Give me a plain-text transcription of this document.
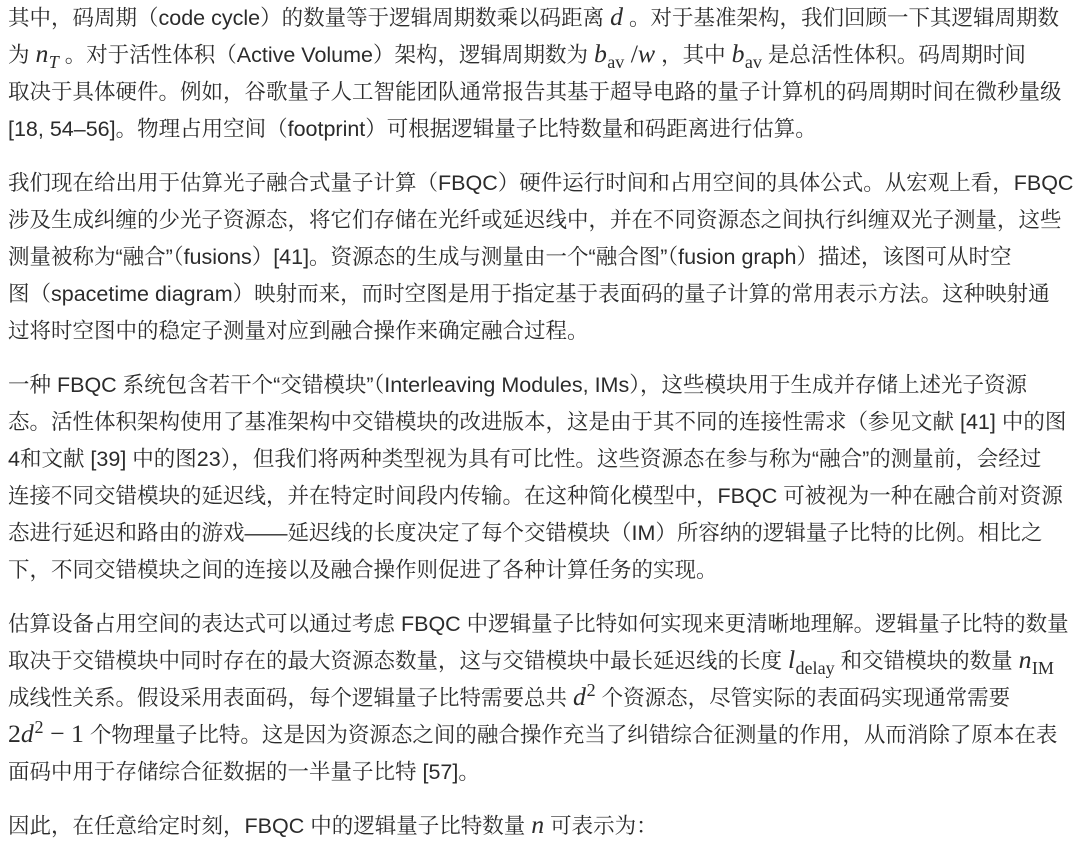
其中，码周期（code cycle）的数量等于逻辑周期数乘以码距离 d 。对于基准架构，我们回顾一下其逻辑周期数
为 $n_T$ 。对于活性体积（Active Volume）架构，逻辑周期数为 $b_{av}$ /w ，其中 $b_{av}$ 是总活性体积。码周期时间
取决于具体硬件。例如，谷歌量子人工智能团队通常报告其基于超导电路的量子计算机的码周期时间在微秒量级
[18, 54–56]。物理占用空间（footprint）可根据逻辑量子比特数量和码距离进行估算。
我们现在给出用于估算光子融合式量子计算（FBQC）硬件运行时间和占用空间的具体公式。从宏观上看，FBQC
涉及生成纠缠的少光子资源态，将它们存储在光纤或延迟线中，并在不同资源态之间执行纠缠双光子测量，这些
测量被称为“融合”（fusions）[41]。资源态的生成与测量由一个“融合图”（fusion graph）描述，该图可从时空
图（spacetime diagram）映射而来，而时空图是用于指定基于表面码的量子计算的常用表示方法。这种映射通
过将时空图中的稳定子测量对应到融合操作来确定融合过程。
一种 FBQC 系统包含若干个“交错模块”（Interleaving Modules, IMs），这些模块用于生成并存储上述光子资源
态。活性体积架构使用了基准架构中交错模块的改进版本，这是由于其不同的连接性需求（参见文献 [41] 中的图
4和文献 [39] 中的图23），但我们将两种类型视为具有可比性。这些资源态在参与称为“融合”的测量前，会经过
连接不同交错模块的延迟线，并在特定时间段内传输。在这种简化模型中，FBQC 可被视为一种在融合前对资源
态进行延迟和路由的游戏——延迟线的长度决定了每个交错模块（IM）所容纳的逻辑量子比特的比例。相比之
下，不同交错模块之间的连接以及融合操作则促进了各种计算任务的实现。
估算设备占用空间的表达式可以通过考虑 FBQC 中逻辑量子比特如何实现来更清晰地理解。逻辑量子比特的数量
取决于交错模块中同时存在的最大资源态数量，这与交错模块中最长延迟线的长度 $l_{delay}$ 和交错模块的数量 $n_{IM}$
成线性关系。假设采用表面码，每个逻辑量子比特需要总共 $d^2$ 个资源态，尽管实际的表面码实现通常需要
$2d^2 - 1$ 个物理量子比特。这是因为资源态之间的融合操作充当了纠错综合征测量的作用，从而消除了原本在表
面码中用于存储综合征数据的一半量子比特 [57]。
因此，在任意给定时刻，FBQC 中的逻辑量子比特数量 n 可表示为：
